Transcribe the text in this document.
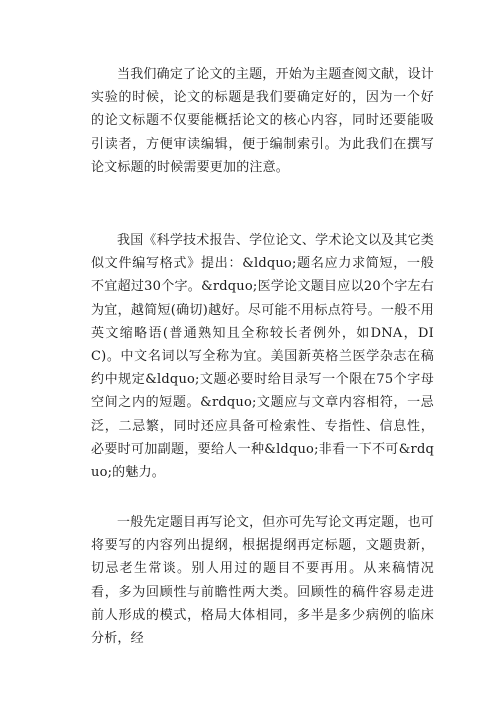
当我们确定了论文的主题，开始为主题查阅文献，设计实验的时候，论文的标题是我们要确定好的，因为一个好的论文标题不仅要能概括论文的核心内容，同时还要能吸引读者，方便审读编辑，便于编制索引。为此我们在撰写论文标题的时候需要更加的注意。

我国《科学技术报告、学位论文、学术论文以及其它类似文件编写格式》提出：&ldquo;题名应力求简短，一般不宜超过30个字。&rdquo;医学论文题目应以20个字左右为宜，越简短(确切)越好。尽可能不用标点符号。一般不用英文缩略语(普通熟知且全称较长者例外，如DNA，DIC)。中文名词以写全称为宜。美国新英格兰医学杂志在稿约中规定&ldquo;文题必要时给目录写一个限在75个字母空间之内的短题。&rdquo;文题应与文章内容相符，一忌泛，二忌繁，同时还应具备可检索性、专指性、信息性，必要时可加副题，要给人一种&ldquo;非看一下不可&rdquo;的魅力。

一般先定题目再写论文，但亦可先写论文再定题，也可将要写的内容列出提纲，根据提纲再定标题，文题贵新，切忌老生常谈。别人用过的题目不要再用。从来稿情况看，多为回顾性与前瞻性两大类。回顾性的稿件容易走进前人形成的模式，格局大体相同，多半是多少病例的临床分析，经
